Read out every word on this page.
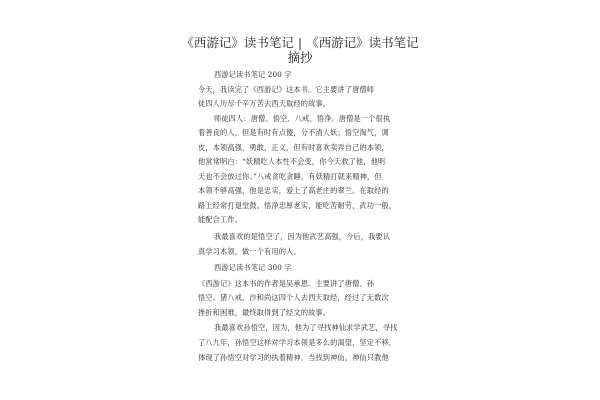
《西游记》读书笔记 | 《西游记》读书笔记
摘抄
西游记读书笔记 200 字
今天，我读完了《西游记》这本书。它主要讲了唐僧师
徒四人历尽千辛万苦去西天取经的故事。
师徒四人：唐僧、悟空、八戒、悟净。唐僧是一个很执
着善良的人，但是有时有点傻，分不清人妖；悟空淘气，调
皮，本领高强，勇敢，正义，但有时喜欢卖弄自己的本领，
他常常明白：“妖精吃人本性不会变，你今天救了他，他明
天也不会放过你。”八戒贪吃贪睡，有妖精打就来精神，但
本领不够高强，他是忠实，爱上了高老庄的翠兰。在取经的
路上经常打退堂鼓。悟净忠厚老实，能吃苦耐劳，武功一般，
能配合工作。
我最喜欢的是悟空了，因为他武艺高强，今后，我要认
真学习本领，做一个有用的人。
西游记读书笔记 300 字
《西游记》这本书的作者是吴承恩。主要讲了唐僧、孙
悟空、猪八戒、沙和尚这四个人去西天取经，经过了无数次
挫折和困难，最终取得到了经文的故事。
我最喜欢孙悟空，因为，他为了寻找神仙求学武艺，寻找
了八九年，孙悟空这样对学习本领是多么的渴望，坚定不移，
体现了孙悟空对学习的执着精神，当找到神仙，神仙只教他
